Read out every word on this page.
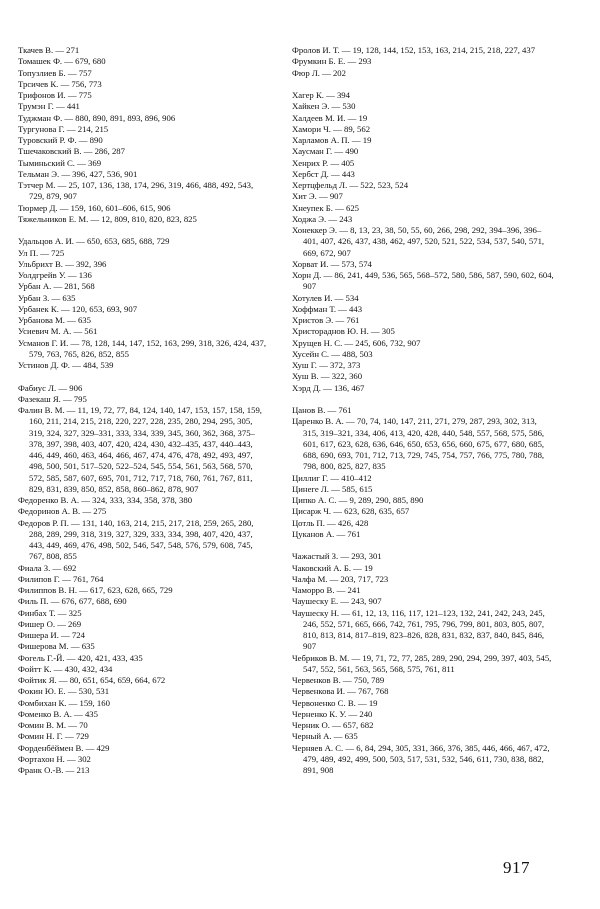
Ткачев В. — 271
Томашек Ф. — 679, 680
Топузлиев Б. — 757
Трсичев К. — 756, 773
Трифонов И. — 775
Трумэн Г. — 441
Туджман Ф. — 880, 890, 891, 893, 896, 906
Тургунова Г. — 214, 215
Туровский Р. Ф. — 890
Тшечаковский В. — 286, 287
Тыминьский С. — 369
Тельман Э. — 396, 427, 536, 901
Тэтчер М. — 25, 107, 136, 138, 174, 296, 319, 466, 488, 492, 543, 729, 879, 907
Тюрмер Д. — 159, 160, 601–606, 615, 906
Тяжельников Е. М. — 12, 809, 810, 820, 823, 825
Удальцов А. И. — 650, 653, 685, 688, 729
Ул П. — 725
Ульбрихт В. — 392, 396
Уолдгрейв У. — 136
Урбан А. — 281, 568
Урбан З. — 635
Урбанек К. — 120, 653, 693, 907
Урбанова М. — 635
Усиевич М. А. — 561
Усманов Г. И. — 78, 128, 144, 147, 152, 163, 299, 318, 326, 424, 437, 579, 763, 765, 826, 852, 855
Устинов Д. Ф. — 484, 539
Фабиус Л. — 906
Фазекаш Я. — 795
Фалин В. М. — 11, 19, 72, 77, 84, 124, 140, 147, 153, 157, 158, 159, 160, 211, 214, 215, 218, 220, 227, 228, 235, 280, 294, 295, 305, 319, 324, 327, 329–331, 333, 334, 339, 345, 360, 362, 368, 375–378, 397, 398, 403, 407, 420, 424, 430, 432–435, 437, 440–443, 446, 449, 460, 463, 464, 466, 467, 474, 476, 478, 492, 493, 497, 498, 500, 501, 517–520, 522–524, 545, 554, 561, 563, 568, 570, 572, 585, 587, 607, 695, 701, 712, 717, 718, 760, 761, 767, 811, 829, 831, 839, 850, 852, 858, 860–862, 878, 907
Федоренко В. А. — 324, 333, 334, 358, 378, 380
Федоринов А. В. — 275
Федоров Р. П. — 131, 140, 163, 214, 215, 217, 218, 259, 265, 280, 288, 289, 299, 318, 319, 327, 329, 333, 334, 398, 407, 420, 437, 443, 449, 469, 476, 498, 502, 546, 547, 548, 576, 579, 608, 745, 767, 808, 855
Фиала З. — 692
Филипов Г. — 761, 764
Филиппов В. Н. — 617, 623, 628, 665, 729
Филь П. — 676, 677, 688, 690
Финбах Т. — 325
Фишер О. — 269
Фишера И. — 724
Фишерова М. — 635
Фогель Г.-Й. — 420, 421, 433, 435
Фойтт К. — 430, 432, 434
Фойтик Я. — 80, 651, 654, 659, 664, 672
Фокин Ю. Е. — 530, 531
Фомбихан К. — 159, 160
Фоменко В. А. — 435
Фомин В. М. — 70
Фомин Н. Г. — 729
Форденбёймен В. — 429
Фортахон Н. — 302
Франк О.-В. — 213
Фролов И. Т. — 19, 128, 144, 152, 153, 163, 214, 215, 218, 227, 437
Фрумкин Б. Е. — 293
Фюр Л. — 202
Хагер К. — 394
Хайкен Э. — 530
Халдеев М. И. — 19
Хамори Ч. — 89, 562
Харламов А. П. — 19
Хаусман Г. — 490
Хенрих Р. — 405
Хербст Д. — 443
Хертцфельд Л. — 522, 523, 524
Хит Э. — 907
Хнеупек Б. — 625
Ходжа Э. — 243
Хонеккер Э. — 8, 13, 23, 38, 50, 55, 60, 266, 298, 292, 394–396, 396–401, 407, 426, 437, 438, 462, 497, 520, 521, 522, 534, 537, 540, 571, 669, 672, 907
Хорват И. — 573, 574
Хорн Д. — 86, 241, 449, 536, 565, 568–572, 580, 586, 587, 590, 602, 604, 907
Хотулев И. — 534
Хоффман Т. — 443
Христов Э. — 761
Христораднов Ю. Н. — 305
Хрущев Н. С. — 245, 606, 732, 907
Хусейн С. — 488, 503
Хуш Г. — 372, 373
Хуш В. — 322, 360
Хэрд Д. — 136, 467
Цанов В. — 761
Царенко В. А. — 70, 74, 140, 147, 211, 271, 279, 287, 293, 302, 313, 315, 319–321, 334, 406, 413, 420, 428, 440, 548, 557, 568, 575, 586, 601, 617, 623, 628, 636, 646, 650, 653, 656, 660, 675, 677, 680, 685, 688, 690, 693, 701, 712, 713, 729, 745, 754, 757, 766, 775, 780, 788, 798, 800, 825, 827, 835
Циллиг Г. — 410–412
Цинеге Л. — 585, 615
Ципко А. С. — 9, 289, 290, 885, 890
Цисарж Ч. — 623, 628, 635, 657
Цотль П. — 426, 428
Цуканов А. — 761
Чажастый З. — 293, 301
Чаковский А. Б. — 19
Чалфа М. — 203, 717, 723
Чаморро В. — 241
Чаушеску Е. — 243, 907
Чаушеску Н. — 61, 12, 13, 116, 117, 121–123, 132, 241, 242, 243, 245, 246, 552, 571, 665, 666, 742, 761, 795, 796, 799, 801, 803, 805, 807, 810, 813, 814, 817–819, 823–826, 828, 831, 832, 837, 840, 845, 846, 907
Чебриков В. М. — 19, 71, 72, 77, 285, 289, 290, 294, 299, 397, 403, 545, 547, 552, 561, 563, 565, 568, 575, 761, 811
Червенков В. — 750, 789
Червенкова И. — 767, 768
Червоненко С. В. — 19
Черненко К. У. — 240
Черник О. — 657, 682
Черный А. — 635
Черняев А. С. — 6, 84, 294, 305, 331, 366, 376, 385, 446, 466, 467, 472, 479, 489, 492, 499, 500, 503, 517, 531, 532, 546, 611, 730, 838, 882, 891, 908
917
